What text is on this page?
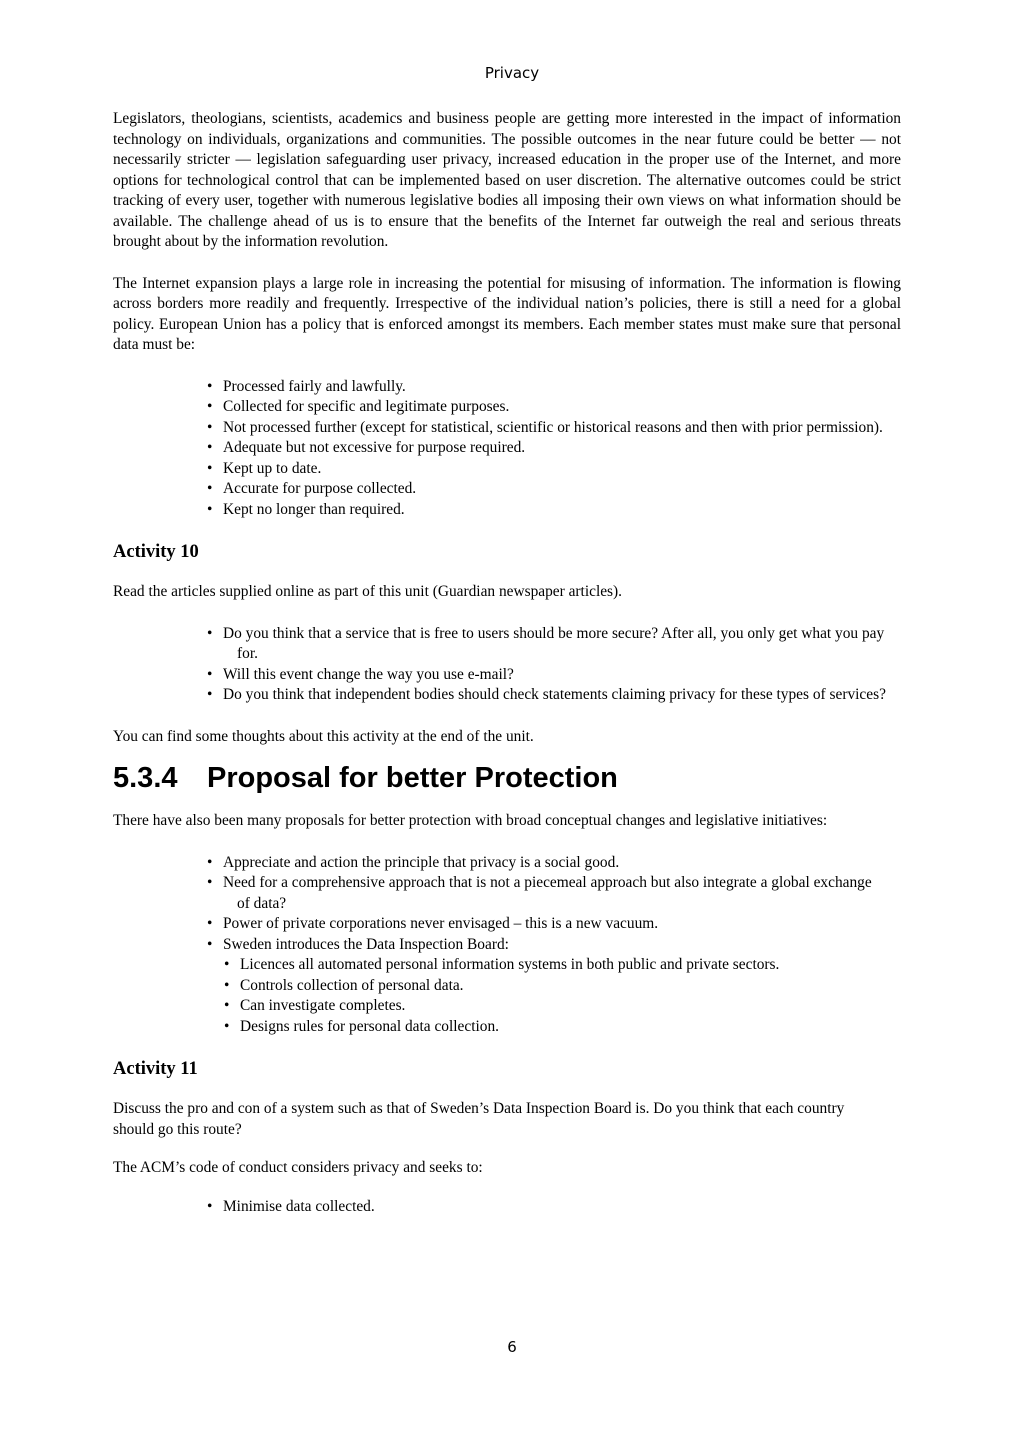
Privacy

Legislators, theologians, scientists, academics and business people are getting more interested in the impact of information technology on individuals, organizations and communities. The possible outcomes in the near future could be better — not necessarily stricter — legislation safeguarding user privacy, increased education in the proper use of the Internet, and more options for technological control that can be implemented based on user discretion. The alternative outcomes could be strict tracking of every user, together with numerous legislative bodies all imposing their own views on what information should be available. The challenge ahead of us is to ensure that the benefits of the Internet far outweigh the real and serious threats brought about by the information revolution.

The Internet expansion plays a large role in increasing the potential for misusing of information. The information is flowing across borders more readily and frequently. Irrespective of the individual nation’s policies, there is still a need for a global policy. European Union has a policy that is enforced amongst its members. Each member states must make sure that personal data must be:

• Processed fairly and lawfully.
• Collected for specific and legitimate purposes.
• Not processed further (except for statistical, scientific or historical reasons and then with prior permission).
• Adequate but not excessive for purpose required.
• Kept up to date.
• Accurate for purpose collected.
• Kept no longer than required.
Activity 10

Read the articles supplied online as part of this unit (Guardian newspaper articles).

• Do you think that a service that is free to users should be more secure? After all, you only get what you pay for.
• Will this event change the way you use e-mail?
• Do you think that independent bodies should check statements claiming privacy for these types of services?

You can find some thoughts about this activity at the end of the unit.

5.3.4 Proposal for better Protection

There have also been many proposals for better protection with broad conceptual changes and legislative initiatives:

• Appreciate and action the principle that privacy is a social good.
• Need for a comprehensive approach that is not a piecemeal approach but also integrate a global exchange of data?
• Power of private corporations never envisaged – this is a new vacuum.
• Sweden introduces the Data Inspection Board:
• Licences all automated personal information systems in both public and private sectors.
• Controls collection of personal data.
• Can investigate completes.
• Designs rules for personal data collection.
Activity 11

Discuss the pro and con of a system such as that of Sweden’s Data Inspection Board is. Do you think that each country should go this route?

The ACM’s code of conduct considers privacy and seeks to:

• Minimise data collected.
6
